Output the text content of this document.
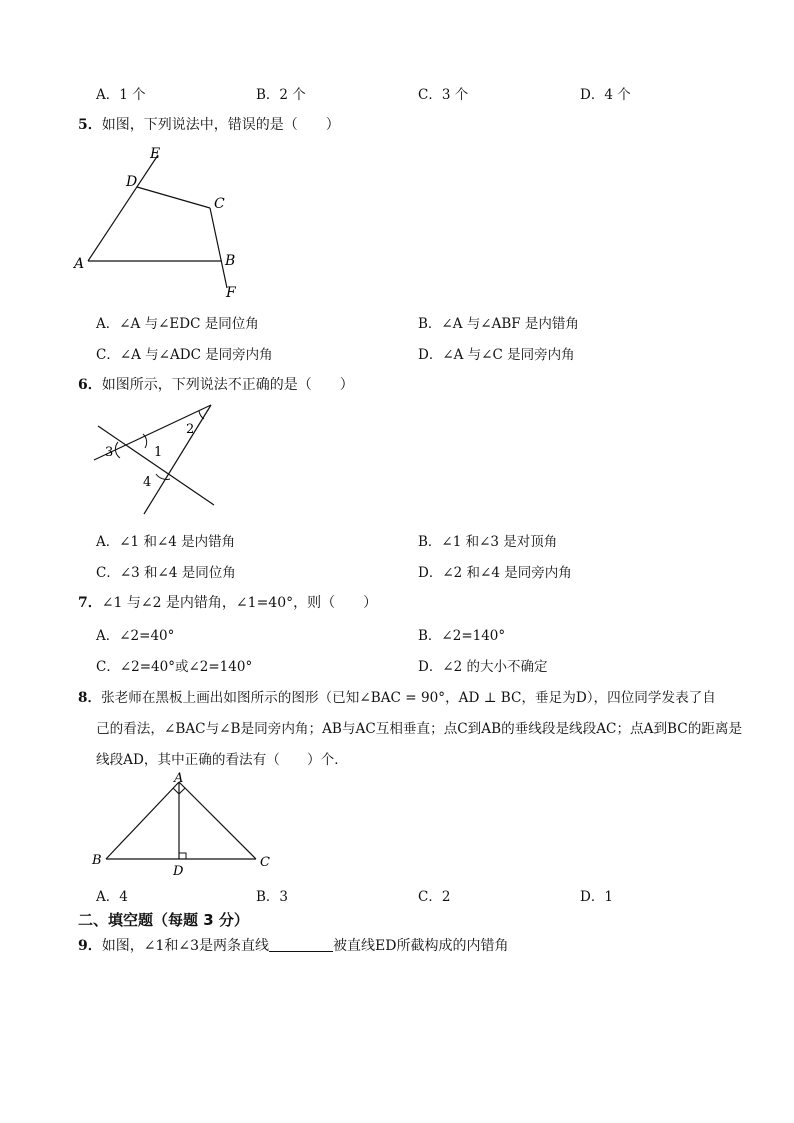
A．1 个	B．2 个	C．3 个	D．4 个
5．如图，下列说法中，错误的是（　　）
E
D
C
A	B
F
A．∠A 与∠EDC 是同位角	B．∠A 与∠ABF 是内错角
C．∠A 与∠ADC 是同旁内角	D．∠A 与∠C 是同旁内角
6．如图所示，下列说法不正确的是（　　）
2
1
3
4
A．∠1 和∠4 是内错角	B．∠1 和∠3 是对顶角
C．∠3 和∠4 是同位角	D．∠2 和∠4 是同旁内角
7．∠1 与∠2 是内错角，∠1=40°，则（　　）
A．∠2=40°	B．∠2=140°
C．∠2=40°或∠2=140°	D．∠2 的大小不确定
8．张老师在黑板上画出如图所示的图形（已知∠BAC = 90°，AD ⊥ BC，垂足为D），四位同学发表了自
己的看法，∠BAC与∠B是同旁内角；AB与AC互相垂直；点C到AB的垂线段是线段AC；点A到BC的距离是
线段AD，其中正确的看法有（　　）个．
A
B	C
D
A．4	B．3	C．2	D．1
二、填空题（每题 3 分）
9．如图，∠1和∠3是两条直线	被直线ED所截构成的内错角
